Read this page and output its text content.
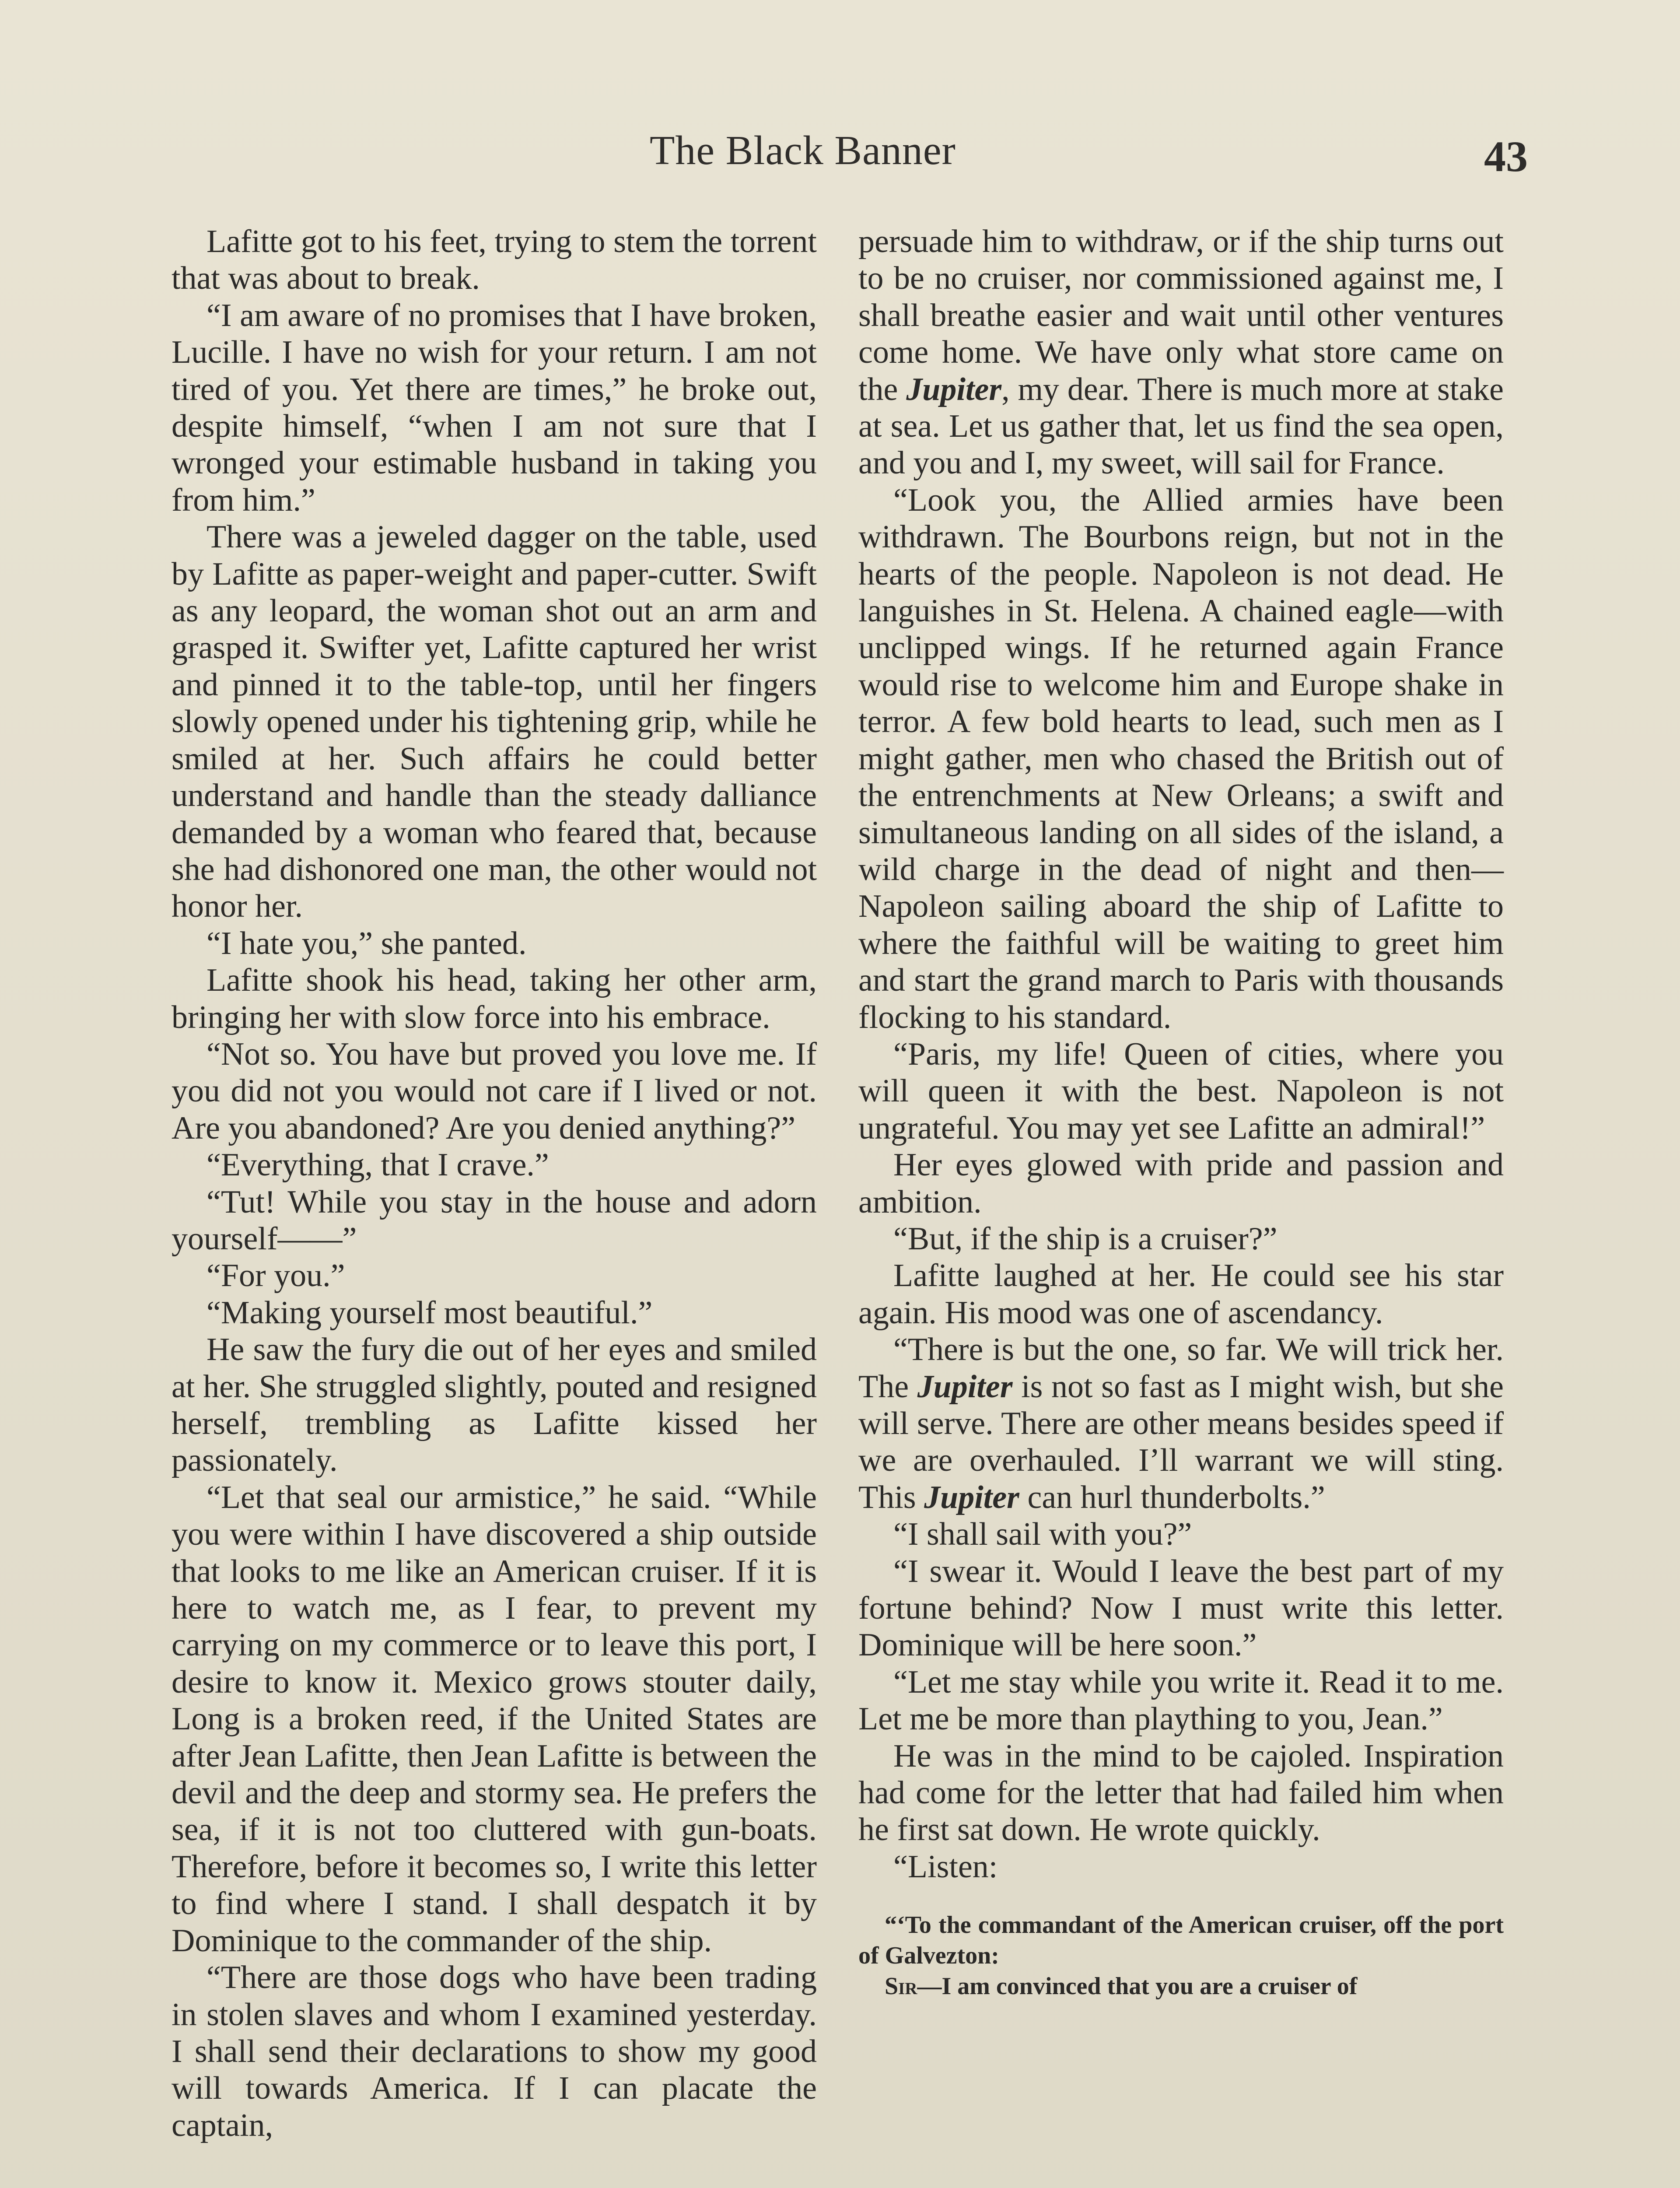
The Black Banner	43

Lafitte got to his feet, trying to stem the torrent that was about to break.

“I am aware of no promises that I have broken, Lucille. I have no wish for your return. I am not tired of you. Yet there are times,” he broke out, despite himself, “when I am not sure that I wronged your estimable husband in taking you from him.”

There was a jeweled dagger on the table, used by Lafitte as paper-weight and paper-cutter. Swift as any leopard, the woman shot out an arm and grasped it. Swifter yet, Lafitte captured her wrist and pinned it to the table-top, until her fingers slowly opened under his tightening grip, while he smiled at her. Such affairs he could better understand and handle than the steady dalliance demanded by a woman who feared that, because she had dishonored one man, the other would not honor her.

“I hate you,” she panted.

Lafitte shook his head, taking her other arm, bringing her with slow force into his embrace.

“Not so. You have but proved you love me. If you did not you would not care if I lived or not. Are you abandoned? Are you denied anything?”

“Everything, that I crave.”

“Tut! While you stay in the house and adorn yourself——”

“For you.”

“Making yourself most beautiful.”

He saw the fury die out of her eyes and smiled at her. She struggled slightly, pouted and resigned herself, trembling as Lafitte kissed her passionately.

“Let that seal our armistice,” he said. “While you were within I have discovered a ship outside that looks to me like an American cruiser. If it is here to watch me, as I fear, to prevent my carrying on my commerce or to leave this port, I desire to know it. Mexico grows stouter daily, Long is a broken reed, if the United States are after Jean Lafitte, then Jean Lafitte is between the devil and the deep and stormy sea. He prefers the sea, if it is not too cluttered with gun-boats. Therefore, before it becomes so, I write this letter to find where I stand. I shall despatch it by Dominique to the commander of the ship.

“There are those dogs who have been trading in stolen slaves and whom I examined yesterday. I shall send their declarations to show my good will towards America. If I can placate the captain,

persuade him to withdraw, or if the ship turns out to be no cruiser, nor commissioned against me, I shall breathe easier and wait until other ventures come home. We have only what store came on the Jupiter, my dear. There is much more at stake at sea. Let us gather that, let us find the sea open, and you and I, my sweet, will sail for France.

“Look you, the Allied armies have been withdrawn. The Bourbons reign, but not in the hearts of the people. Napoleon is not dead. He languishes in St. Helena. A chained eagle—with unclipped wings. If he returned again France would rise to welcome him and Europe shake in terror. A few bold hearts to lead, such men as I might gather, men who chased the British out of the entrenchments at New Orleans; a swift and simultaneous landing on all sides of the island, a wild charge in the dead of night and then—Napoleon sailing aboard the ship of Lafitte to where the faithful will be waiting to greet him and start the grand march to Paris with thousands flocking to his standard.

“Paris, my life! Queen of cities, where you will queen it with the best. Napoleon is not ungrateful. You may yet see Lafitte an admiral!”

Her eyes glowed with pride and passion and ambition.

“But, if the ship is a cruiser?”

Lafitte laughed at her. He could see his star again. His mood was one of ascendancy.

“There is but the one, so far. We will trick her. The Jupiter is not so fast as I might wish, but she will serve. There are other means besides speed if we are overhauled. I’ll warrant we will sting. This Jupiter can hurl thunderbolts.”

“I shall sail with you?”

“I swear it. Would I leave the best part of my fortune behind? Now I must write this letter. Dominique will be here soon.”

“Let me stay while you write it. Read it to me. Let me be more than plaything to you, Jean.”

He was in the mind to be cajoled. Inspiration had come for the letter that had failed him when he first sat down. He wrote quickly.

“Listen:

“‘To the commandant of the American cruiser, off the port of Galvezton:

Sir—I am convinced that you are a cruiser of
